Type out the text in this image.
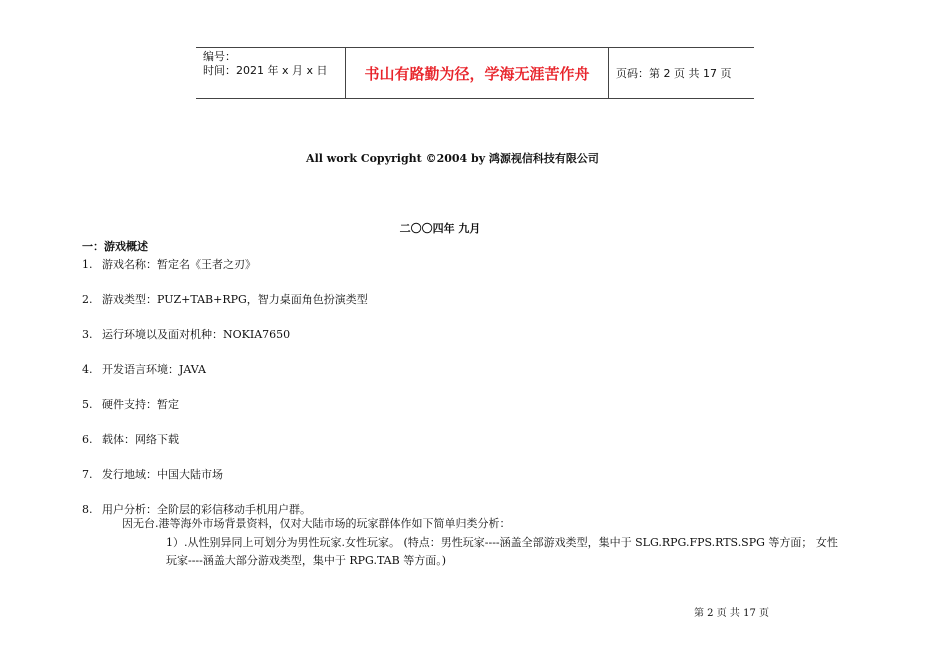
编号：
时间：2021 年 x 月 x 日	书山有路勤为径，学海无涯苦作舟	页码：第 2 页 共 17 页
All work Copyright ©2004 by 鸿源视信科技有限公司
二〇〇四年 九月
一：游戏概述
1. 游戏名称：暂定名《王者之刃》
2. 游戏类型：PUZ+TAB+RPG，智力桌面角色扮演类型
3. 运行环境以及面对机种：NOKIA7650
4. 开发语言环境：JAVA
5. 硬件支持：暂定
6. 载体：网络下载
7. 发行地域：中国大陆市场
8. 用户分析：全阶层的彩信移动手机用户群。
因无台.港等海外市场背景资料，仅对大陆市场的玩家群体作如下简单归类分析：
1）.从性别异同上可划分为男性玩家.女性玩家。 (特点：男性玩家----涵盖全部游戏类型，集中于 SLG.RPG.FPS.RTS.SPG 等方面； 女性
玩家----涵盖大部分游戏类型，集中于 RPG.TAB 等方面。)
第 2 页 共 17 页
